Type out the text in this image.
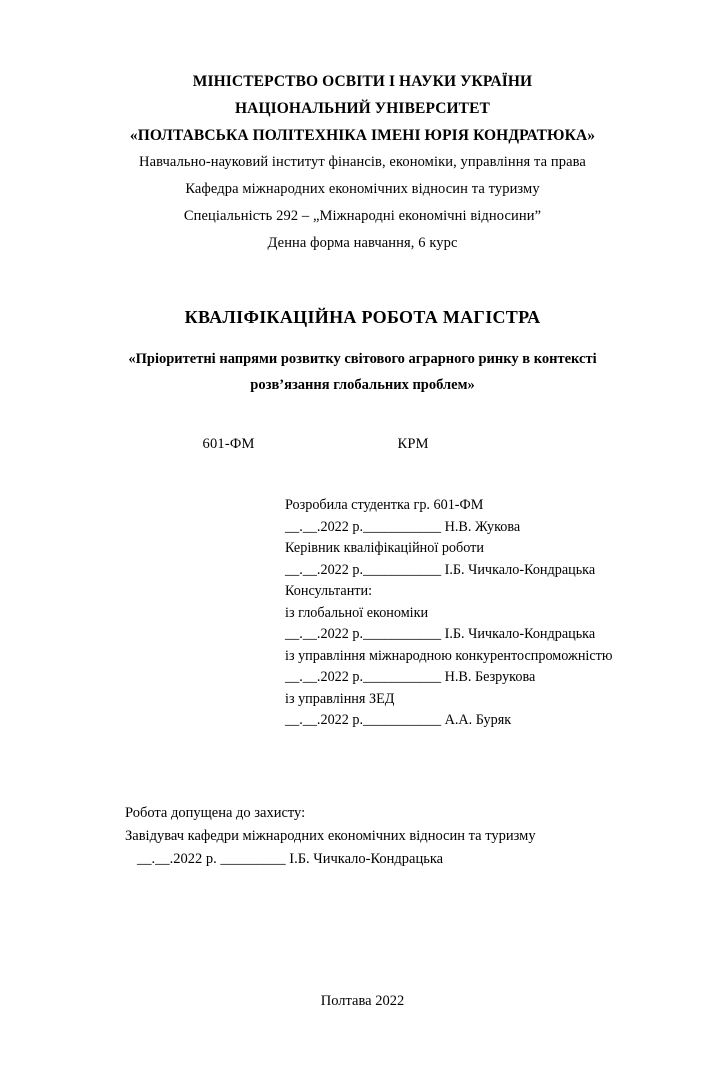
МІНІСТЕРСТВО ОСВІТИ І НАУКИ УКРАЇНИ
НАЦІОНАЛЬНИЙ УНІВЕРСИТЕТ
«ПОЛТАВСЬКА ПОЛІТЕХНІКА ІМЕНІ ЮРІЯ КОНДРАТЮКА»
Навчально-науковий інститут фінансів, економіки, управління та права
Кафедра міжнародних економічних відносин та туризму
Спеціальність 292 – „Міжнародні економічні відносини”
Денна форма навчання, 6 курс
КВАЛІФІКАЦІЙНА РОБОТА МАГІСТРА
«Пріоритетні напрями розвитку світового аграрного ринку в контексті
розв’язання глобальних проблем»
601-ФМ	КРМ
Розробила студентка гр. 601-ФМ
__.__.2022 р.___________ Н.В. Жукова
Керівник кваліфікаційної роботи
__.__.2022 р.___________ І.Б. Чичкало-Кондрацька
Консультанти:
із глобальної економіки
__.__.2022 р.___________ І.Б. Чичкало-Кондрацька
із управління міжнародною конкурентоспроможністю
__.__.2022 р.___________ Н.В. Безрукова
із управління ЗЕД
__.__.2022 р.___________ А.А. Буряк
Робота допущена до захисту:
Завідувач кафедри міжнародних економічних відносин та туризму
__.__.2022 р. _________ І.Б. Чичкало-Кондрацька
Полтава 2022
